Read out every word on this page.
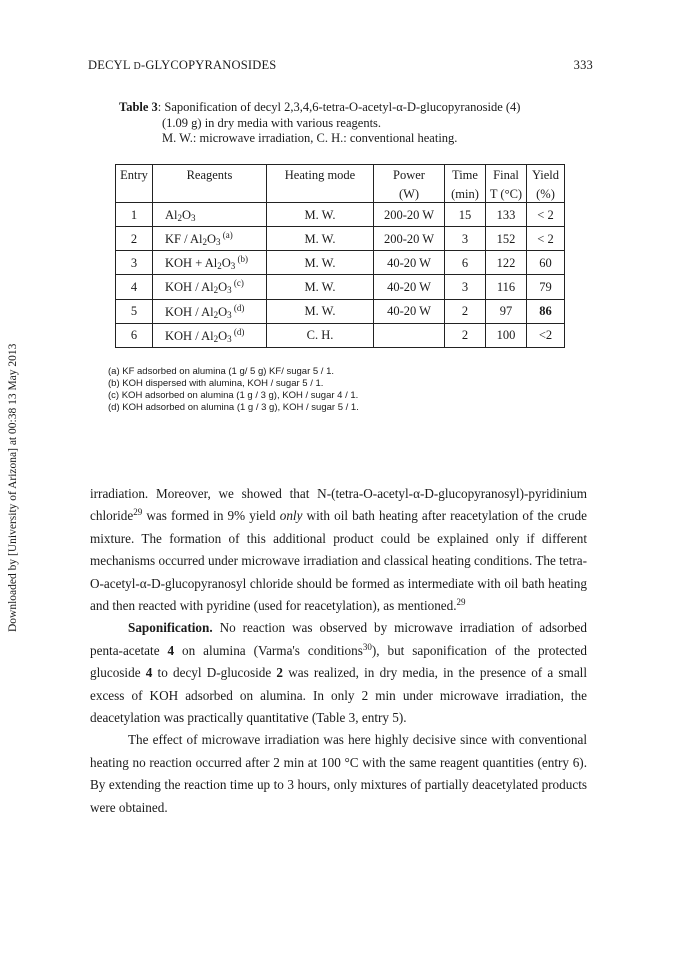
DECYL D-GLYCOPYRANOSIDES	333
Downloaded by [University of Arizona] at 00:38 13 May 2013
Table 3: Saponification of decyl 2,3,4,6-tetra-O-acetyl-α-D-glucopyranoside (4)
(1.09 g) in dry media with various reagents.
M. W.: microwave irradiation, C. H.: conventional heating.
Entry	Reagents	Heating mode	Power	Time	Final	Yield
			(W)	(min)	T (°C)	(%)
1	$Al_2O_3$	M. W.	200-20 W	15	133	< 2
2	KF / $Al_2O_3$ $^{(a)}$	M. W.	200-20 W	3	152	< 2
3	KOH + $Al_2O_3$ $^{(b)}$	M. W.	40-20 W	6	122	60
4	KOH / $Al_2O_3$ $^{(c)}$	M. W.	40-20 W	3	116	79
5	KOH / $Al_2O_3$ $^{(d)}$	M. W.	40-20 W	2	97	86
6	KOH / $Al_2O_3$ $^{(d)}$	C. H.		2	100	<2
(a) KF adsorbed on alumina (1 g/ 5 g) KF/ sugar 5 / 1.
(b) KOH dispersed with alumina, KOH / sugar 5 / 1.
(c) KOH adsorbed on alumina (1 g / 3 g), KOH / sugar 4 / 1.
(d) KOH adsorbed on alumina (1 g / 3 g), KOH / sugar 5 / 1.

irradiation. Moreover, we showed that N-(tetra-O-acetyl-α-D-glucopyranosyl)-pyridinium chloride$^{29}$ was formed in 9% yield only with oil bath heating after reacetylation of the crude mixture. The formation of this additional product could be explained only if different mechanisms occurred under microwave irradiation and classical heating conditions. The tetra-O-acetyl-α-D-glucopyranosyl chloride should be formed as intermediate with oil bath heating and then reacted with pyridine (used for reacetylation), as mentioned.$^{29}$

Saponification. No reaction was observed by microwave irradiation of adsorbed penta-acetate 4 on alumina (Varma's conditions$^{30}$), but saponification of the protected glucoside 4 to decyl D-glucoside 2 was realized, in dry media, in the presence of a small excess of KOH adsorbed on alumina. In only 2 min under microwave irradiation, the deacetylation was practically quantitative (Table 3, entry 5).

The effect of microwave irradiation was here highly decisive since with conventional heating no reaction occurred after 2 min at 100 °C with the same reagent quantities (entry 6). By extending the reaction time up to 3 hours, only mixtures of partially deacetylated products were obtained.
